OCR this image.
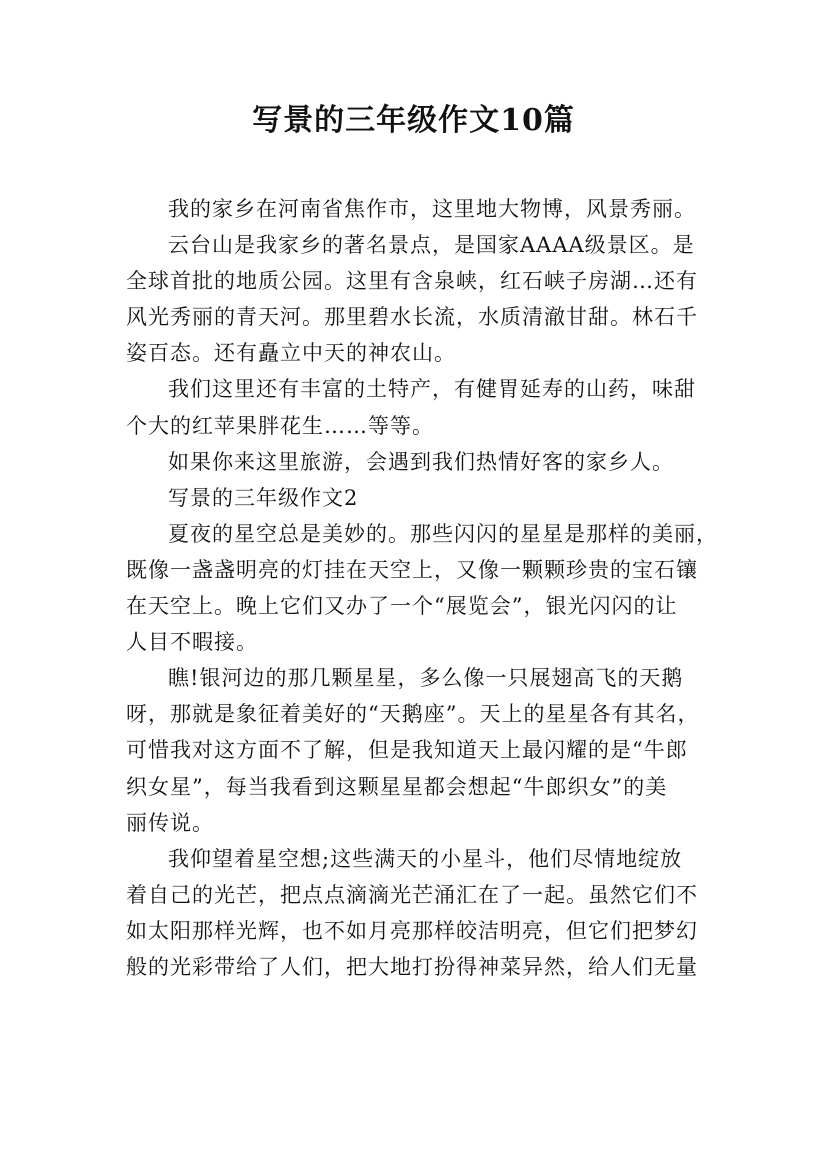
写景的三年级作文10篇
我的家乡在河南省焦作市，这里地大物博，风景秀丽。
云台山是我家乡的著名景点，是国家AAAA级景区。是
全球首批的地质公园。这里有含泉峡，红石峡子房湖…还有
风光秀丽的青天河。那里碧水长流，水质清澈甘甜。林石千
姿百态。还有矗立中天的神农山。
我们这里还有丰富的土特产，有健胃延寿的山药，味甜
个大的红苹果胖花生……等等。
如果你来这里旅游，会遇到我们热情好客的家乡人。
写景的三年级作文2
夏夜的星空总是美妙的。那些闪闪的星星是那样的美丽，
既像一盏盏明亮的灯挂在天空上，又像一颗颗珍贵的宝石镶
在天空上。晚上它们又办了一个“展览会”，银光闪闪的让
人目不暇接。
瞧!银河边的那几颗星星，多么像一只展翅高飞的天鹅
呀，那就是象征着美好的“天鹅座”。天上的星星各有其名，
可惜我对这方面不了解，但是我知道天上最闪耀的是“牛郎
织女星”，每当我看到这颗星星都会想起“牛郎织女”的美
丽传说。
我仰望着星空想;这些满天的小星斗，他们尽情地绽放
着自己的光芒，把点点滴滴光芒涌汇在了一起。虽然它们不
如太阳那样光辉，也不如月亮那样皎洁明亮，但它们把梦幻
般的光彩带给了人们，把大地打扮得神菜异然，给人们无量
